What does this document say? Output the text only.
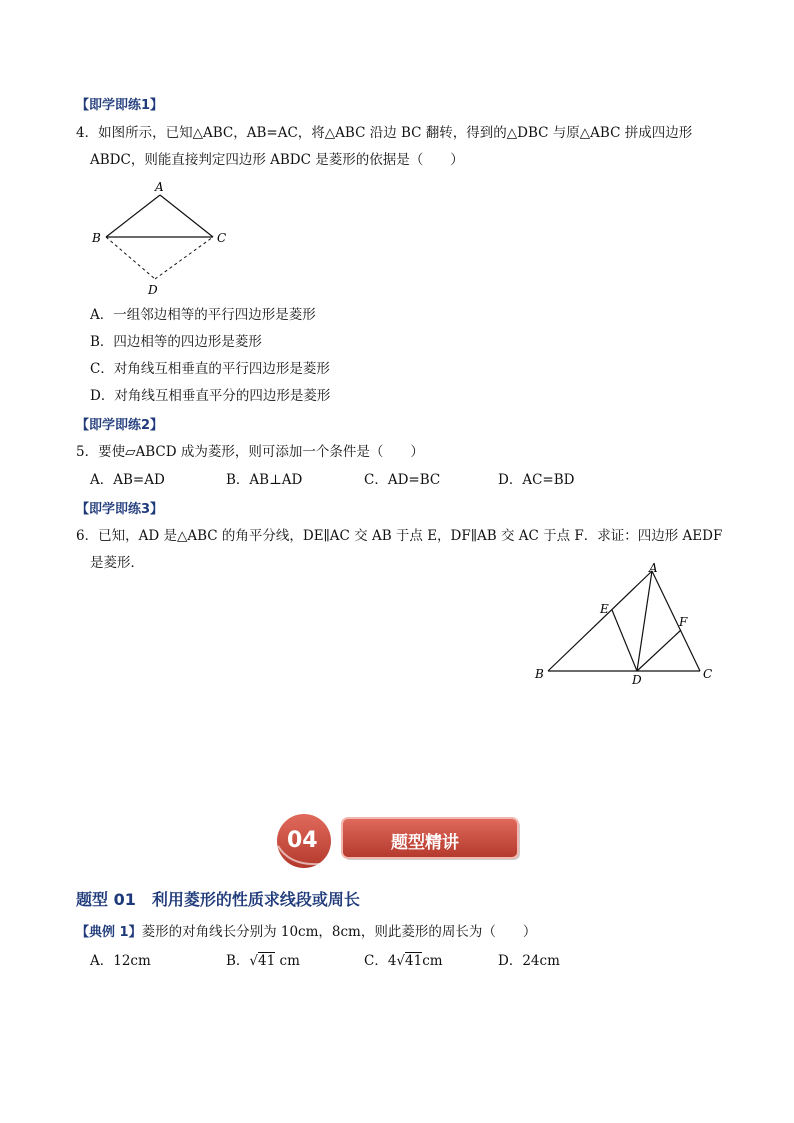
【即学即练1】
4．如图所示，已知△ABC，AB=AC，将△ABC 沿边 BC 翻转，得到的△DBC 与原△ABC 拼成四边形
ABDC，则能直接判定四边形 ABDC 是菱形的依据是（　　）
A
B	C
D
A．一组邻边相等的平行四边形是菱形
B．四边相等的四边形是菱形
C．对角线互相垂直的平行四边形是菱形
D．对角线互相垂直平分的四边形是菱形
【即学即练2】
5．要使▱ABCD 成为菱形，则可添加一个条件是（　　）
A．AB=AD	B．AB⊥AD	C．AD=BC	D．AC=BD
【即学即练3】
6．已知，AD 是△ABC 的角平分线，DE∥AC 交 AB 于点 E，DF∥AB 交 AC 于点 F．求证：四边形 AEDF
是菱形．	A
B	C
D
E
F
04	题型精讲
题型 01　利用菱形的性质求线段或周长
【典例 1】菱形的对角线长分别为 10cm，8cm，则此菱形的周长为（　　）
A．12cm	B．√41 cm	C．4√41cm	D．24cm
